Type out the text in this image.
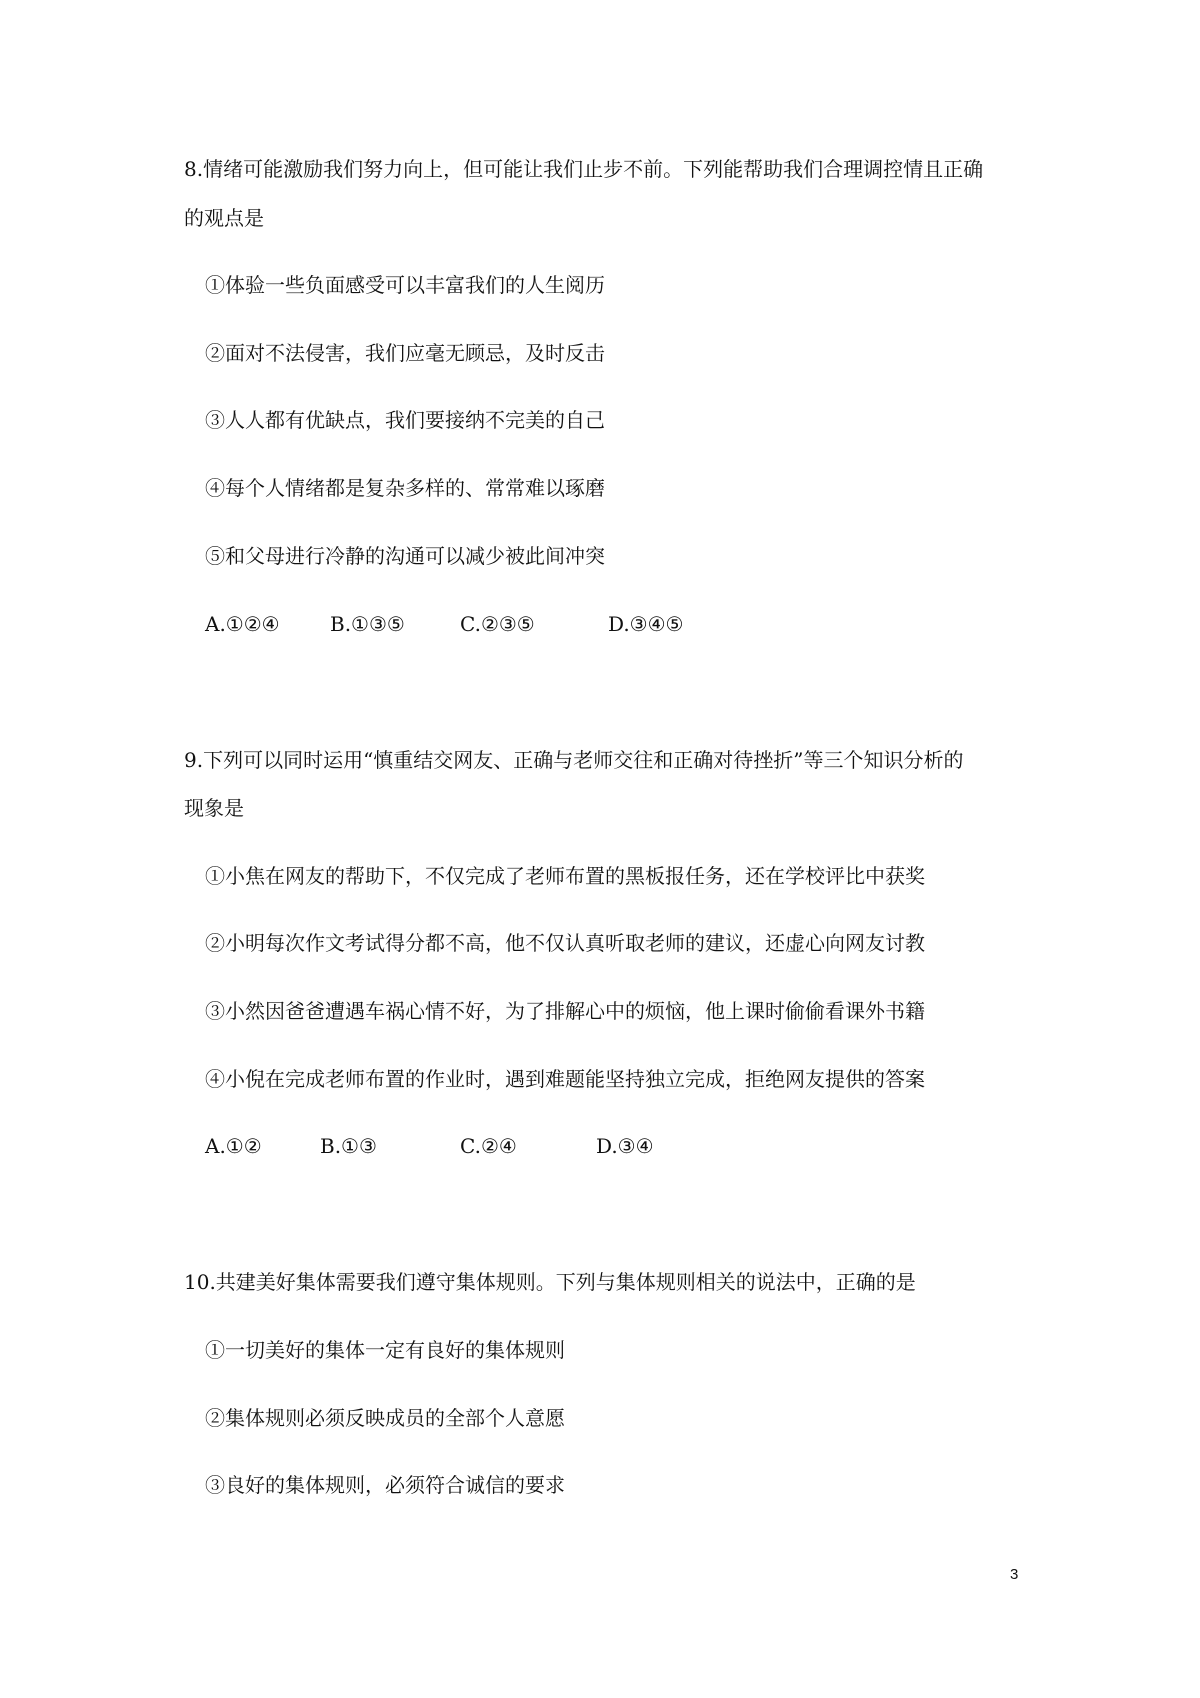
8.情绪可能激励我们努力向上，但可能让我们止步不前。下列能帮助我们合理调控情且正确
的观点是
①体验一些负面感受可以丰富我们的人生阅历
②面对不法侵害，我们应毫无顾忌，及时反击
③人人都有优缺点，我们要接纳不完美的自己
④每个人情绪都是复杂多样的、常常难以琢磨
⑤和父母进行冷静的沟通可以减少被此间冲突
A.①②④	B.①③⑤	C.②③⑤	D.③④⑤
9.下列可以同时运用“慎重结交网友、正确与老师交往和正确对待挫折”等三个知识分析的
现象是
①小焦在网友的帮助下，不仅完成了老师布置的黑板报任务，还在学校评比中获奖
②小明每次作文考试得分都不高，他不仅认真听取老师的建议，还虚心向网友讨教
③小然因爸爸遭遇车祸心情不好，为了排解心中的烦恼，他上课时偷偷看课外书籍
④小倪在完成老师布置的作业时，遇到难题能坚持独立完成，拒绝网友提供的答案
A.①②	B.①③	C.②④	D.③④
10.共建美好集体需要我们遵守集体规则。下列与集体规则相关的说法中，正确的是
①一切美好的集体一定有良好的集体规则
②集体规则必须反映成员的全部个人意愿
③良好的集体规则，必须符合诚信的要求
3
